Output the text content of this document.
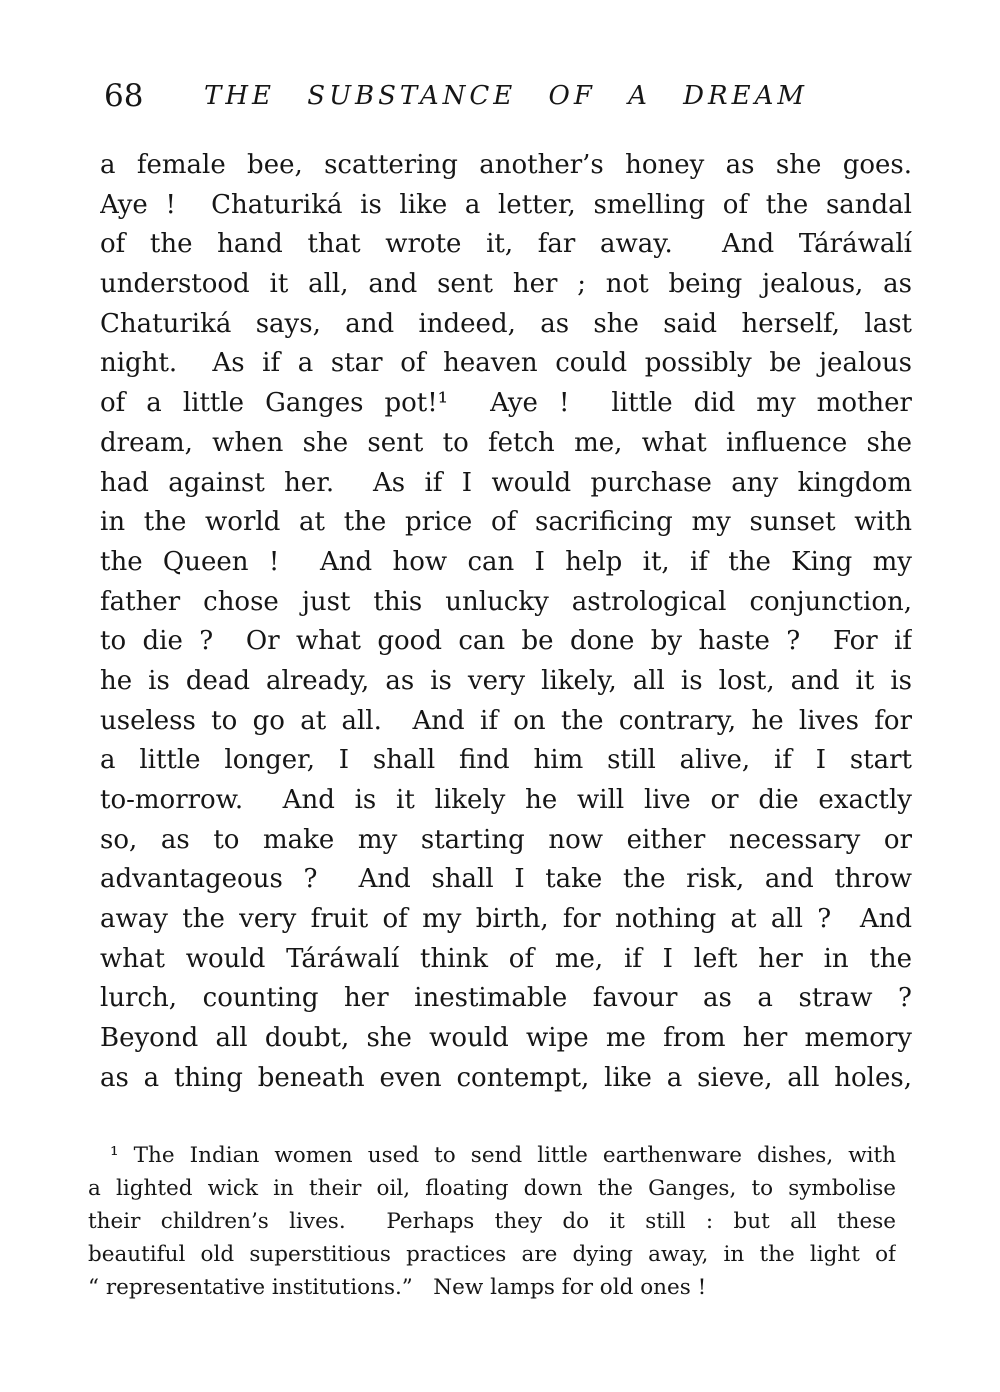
68	THE SUBSTANCE OF A DREAM
a female bee, scattering another’s honey as she goes.
Aye !  Chaturiká is like a letter, smelling of the sandal
of the hand that wrote it, far away.  And Táráwalí
understood it all, and sent her ; not being jealous, as
Chaturiká says, and indeed, as she said herself, last
night.  As if a star of heaven could possibly be jealous
of a little Ganges pot!¹  Aye !  little did my mother
dream, when she sent to fetch me, what influence she
had against her.  As if I would purchase any kingdom
in the world at the price of sacrificing my sunset with
the Queen !  And how can I help it, if the King my
father chose just this unlucky astrological conjunction,
to die ?  Or what good can be done by haste ?  For if
he is dead already, as is very likely, all is lost, and it is
useless to go at all.  And if on the contrary, he lives for
a little longer, I shall find him still alive, if I start
to-morrow.  And is it likely he will live or die exactly
so, as to make my starting now either necessary or
advantageous ?  And shall I take the risk, and throw
away the very fruit of my birth, for nothing at all ?  And
what would Táráwalí think of me, if I left her in the
lurch, counting her inestimable favour as a straw ?
Beyond all doubt, she would wipe me from her memory
as a thing beneath even contempt, like a sieve, all holes,
¹ The Indian women used to send little earthenware dishes, with
a lighted wick in their oil, floating down the Ganges, to symbolise
their children’s lives.  Perhaps they do it still : but all these
beautiful old superstitious practices are dying away, in the light of
“ representative institutions.”   New lamps for old ones !
